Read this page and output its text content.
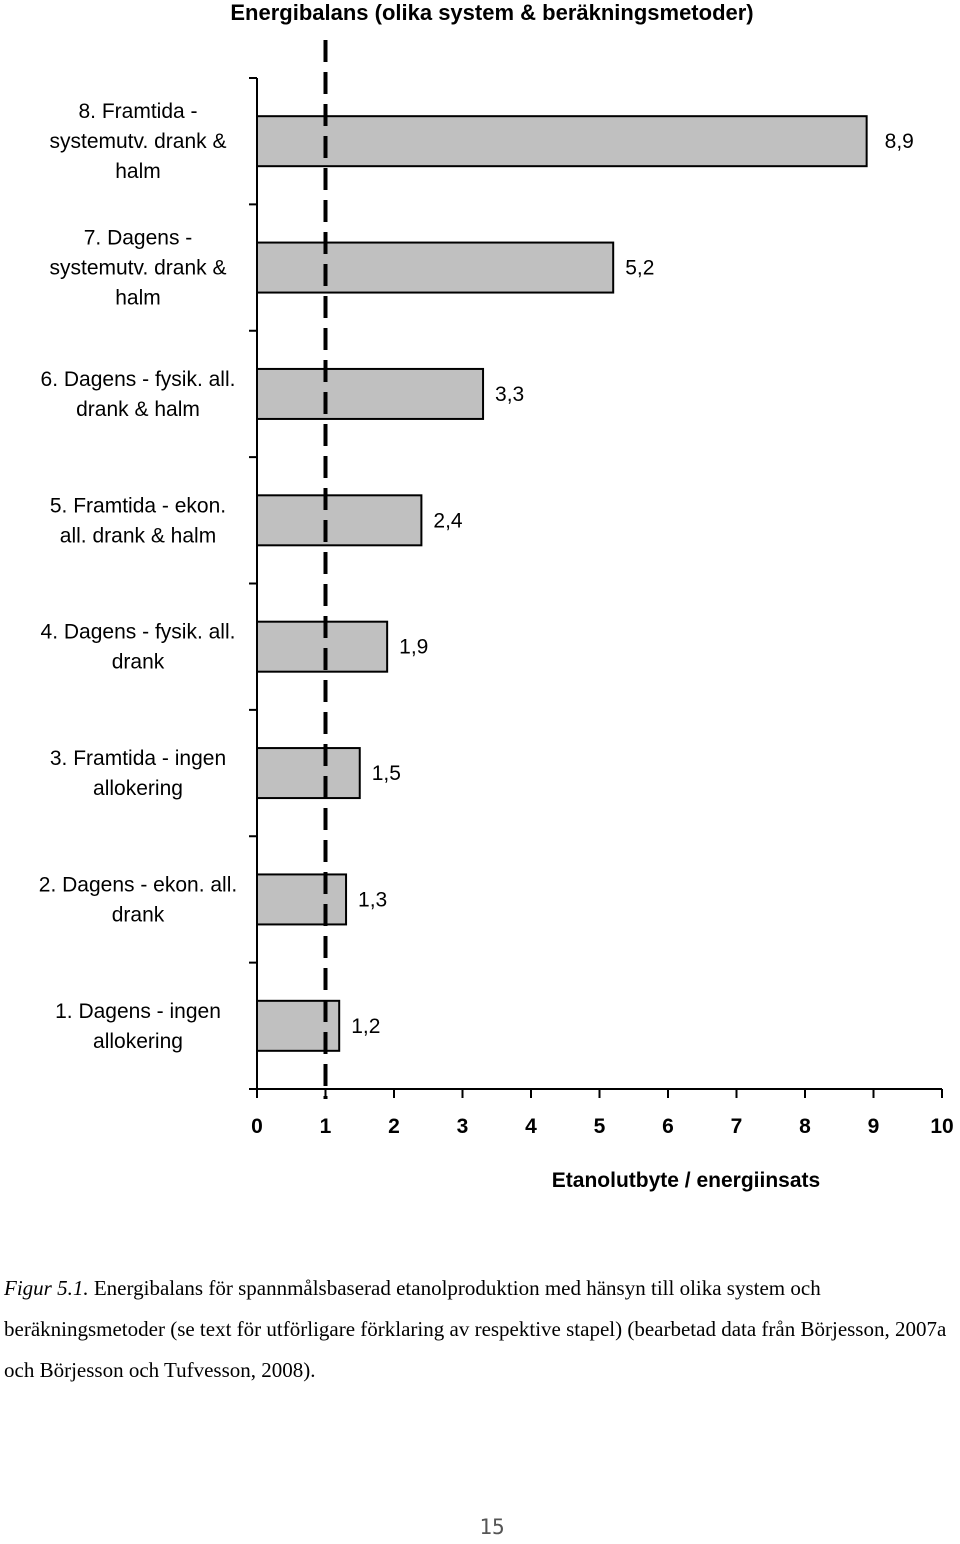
Energibalans (olika system & beräkningsmetoder)
8,9
8. Framtida -
systemutv. drank &
halm
5,2
7. Dagens -
systemutv. drank &
halm
3,3
6. Dagens - fysik. all.
drank & halm
2,4
5. Framtida - ekon.
all. drank & halm
1,9
4. Dagens - fysik. all.
drank
1,5
3. Framtida - ingen
allokering
1,3
2. Dagens - ekon. all.
drank
1,2
1. Dagens - ingen
allokering
0	1	2	3	4	5	6	7	8	9 10
Etanolutbyte / energiinsats
Figur 5.1. Energibalans för spannmålsbaserad etanolproduktion med hänsyn till olika system och beräkningsmetoder (se text för utförligare förklaring av respektive stapel) (bearbetad data från Börjesson, 2007a och Börjesson och Tufvesson, 2008).
15
